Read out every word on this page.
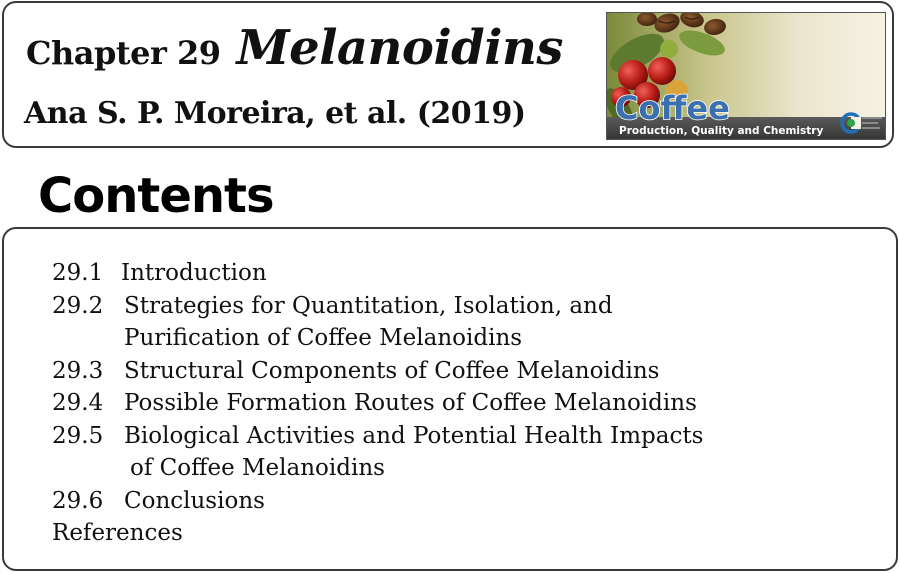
Chapter 29 Melanoidins
Ana S. P. Moreira, et al. (2019)	Coffee
Production, Quality and Chemistry
Contents
29.1 Introduction
29.2 Strategies for Quantitation, Isolation, and
Purification of Coffee Melanoidins
29.3 Structural Components of Coffee Melanoidins
29.4 Possible Formation Routes of Coffee Melanoidins
29.5 Biological Activities and Potential Health Impacts
of Coffee Melanoidins
29.6 Conclusions
References
